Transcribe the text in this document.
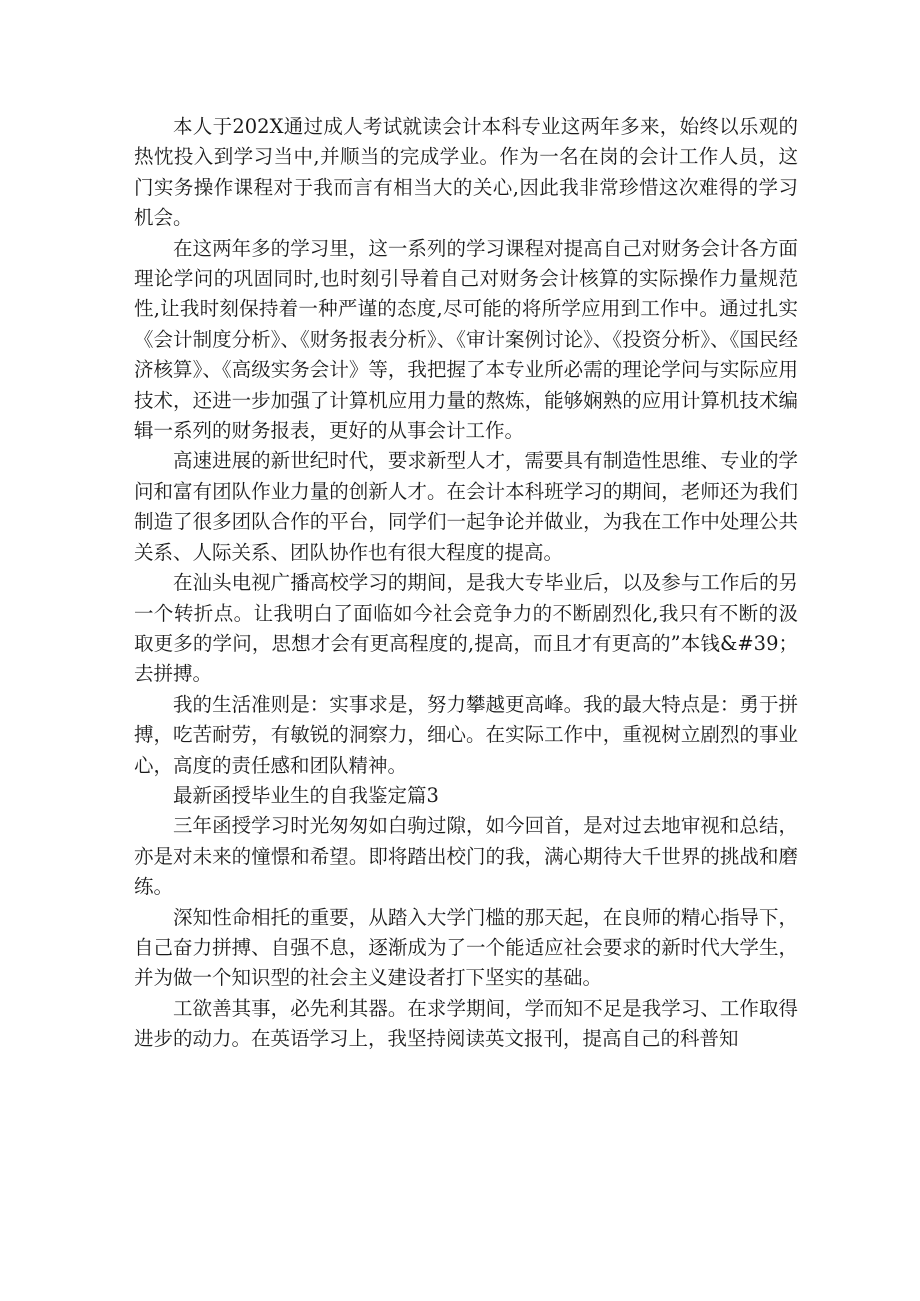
本人于202X通过成人考试就读会计本科专业这两年多来，始终以乐观的热忱投入到学习当中,并顺当的完成学业。作为一名在岗的会计工作人员，这门实务操作课程对于我而言有相当大的关心,因此我非常珍惜这次难得的学习机会。

在这两年多的学习里，这一系列的学习课程对提高自己对财务会计各方面理论学问的巩固同时,也时刻引导着自己对财务会计核算的实际操作力量规范性,让我时刻保持着一种严谨的态度,尽可能的将所学应用到工作中。通过扎实《会计制度分析》、《财务报表分析》、《审计案例讨论》、《投资分析》、《国民经济核算》、《高级实务会计》等，我把握了本专业所必需的理论学问与实际应用技术，还进一步加强了计算机应用力量的熬炼，能够娴熟的应用计算机技术编辑一系列的财务报表，更好的从事会计工作。

高速进展的新世纪时代，要求新型人才，需要具有制造性思维、专业的学问和富有团队作业力量的创新人才。在会计本科班学习的期间，老师还为我们制造了很多团队合作的平台，同学们一起争论并做业，为我在工作中处理公共关系、人际关系、团队协作也有很大程度的提高。

在汕头电视广播高校学习的期间，是我大专毕业后，以及参与工作后的另一个转折点。让我明白了面临如今社会竞争力的不断剧烈化,我只有不断的汲取更多的学问，思想才会有更高程度的,提高，而且才有更高的”本钱&#39；去拼搏。

我的生活准则是：实事求是，努力攀越更高峰。我的最大特点是：勇于拼搏，吃苦耐劳，有敏锐的洞察力，细心。在实际工作中，重视树立剧烈的事业心，高度的责任感和团队精神。

最新函授毕业生的自我鉴定篇3

三年函授学习时光匆匆如白驹过隙，如今回首，是对过去地审视和总结，亦是对未来的憧憬和希望。即将踏出校门的我，满心期待大千世界的挑战和磨练。

深知性命相托的重要，从踏入大学门槛的那天起，在良师的精心指导下，自己奋力拼搏、自强不息，逐渐成为了一个能适应社会要求的新时代大学生，并为做一个知识型的社会主义建设者打下坚实的基础。

工欲善其事，必先利其器。在求学期间，学而知不足是我学习、工作取得进步的动力。在英语学习上，我坚持阅读英文报刊，提高自己的科普知
